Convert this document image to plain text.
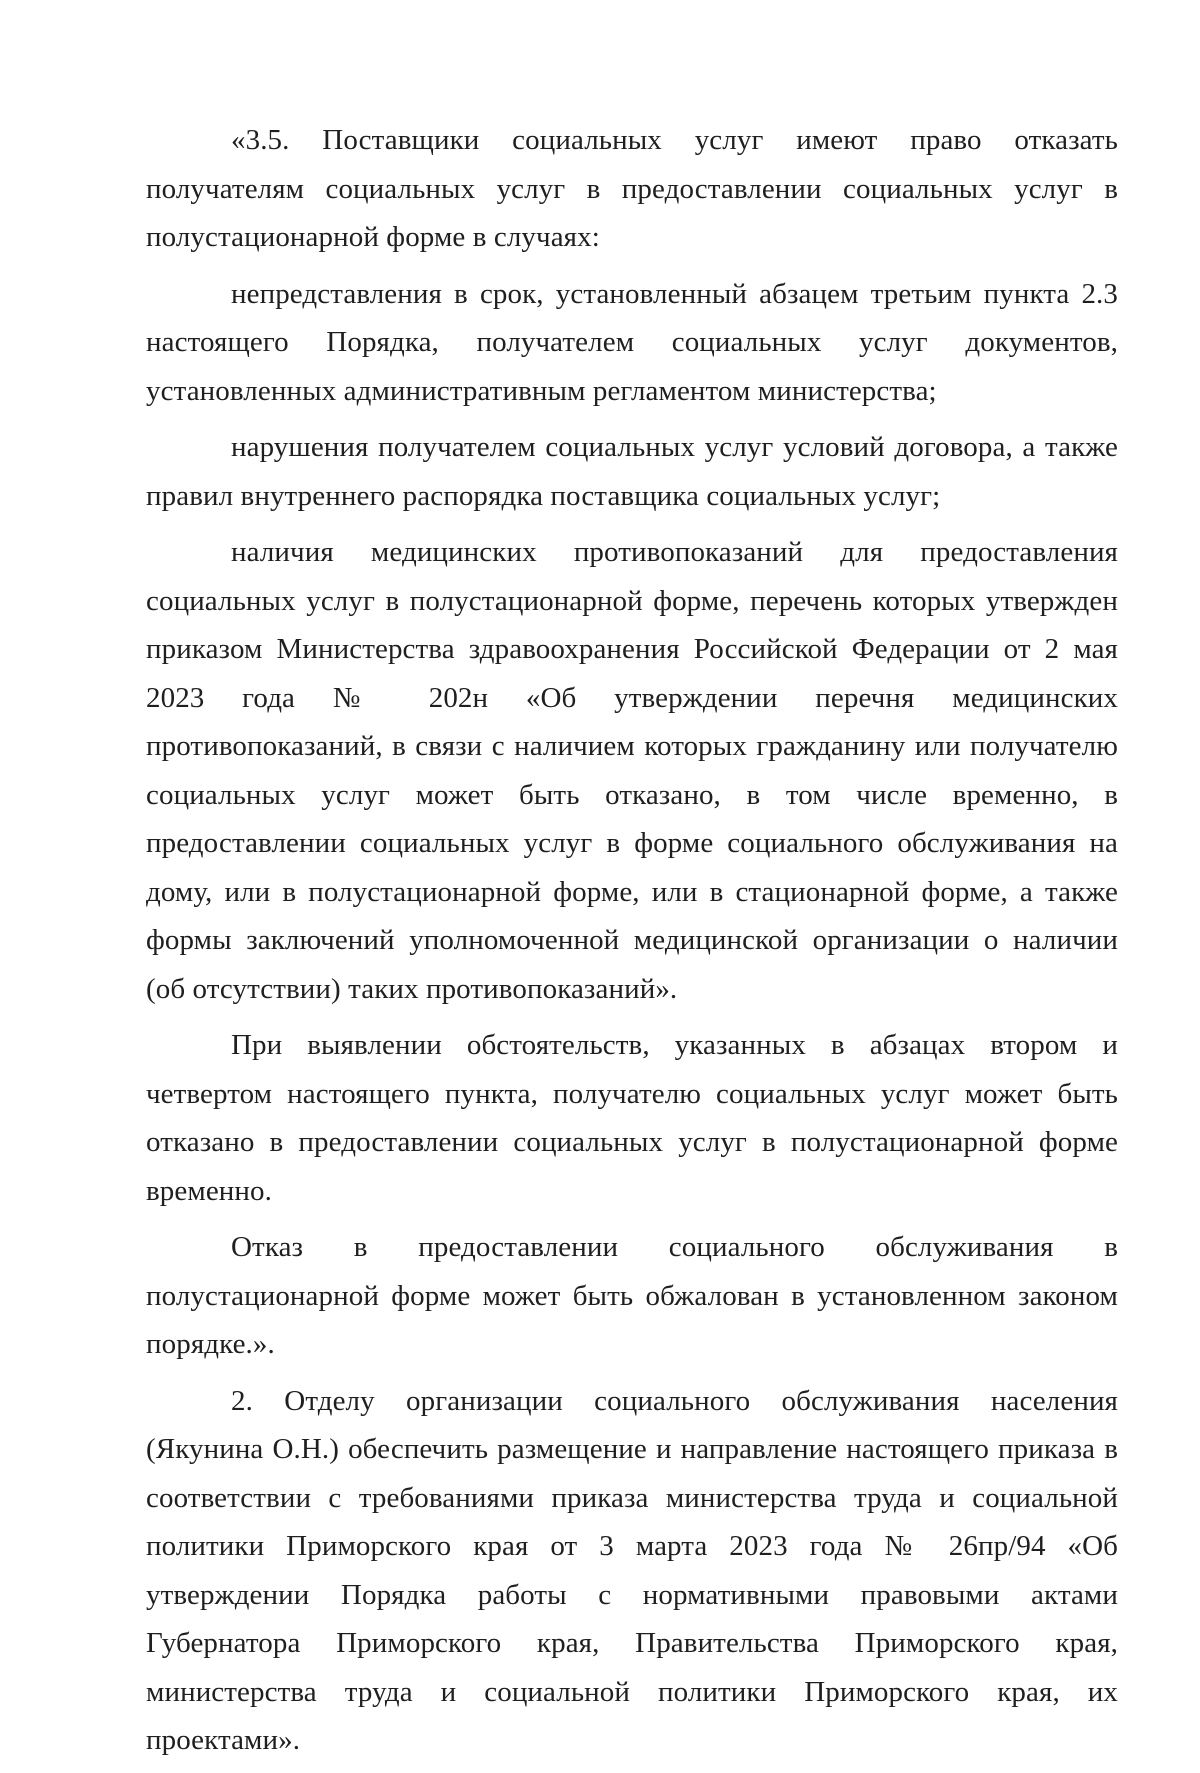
«3.5. Поставщики социальных услуг имеют право отказать получателям социальных услуг в предоставлении социальных услуг в полустационарной форме в случаях:

непредставления в срок, установленный абзацем третьим пункта 2.3 настоящего Порядка, получателем социальных услуг документов, установленных административным регламентом министерства;

нарушения получателем социальных услуг условий договора, а также правил внутреннего распорядка поставщика социальных услуг;

наличия медицинских противопоказаний для предоставления социальных услуг в полустационарной форме, перечень которых утвержден приказом Министерства здравоохранения Российской Федерации от 2 мая 2023 года № 202н «Об утверждении перечня медицинских противопоказаний, в связи с наличием которых гражданину или получателю социальных услуг может быть отказано, в том числе временно, в предоставлении социальных услуг в форме социального обслуживания на дому, или в полустационарной форме, или в стационарной форме, а также формы заключений уполномоченной медицинской организации о наличии (об отсутствии) таких противопоказаний».

При выявлении обстоятельств, указанных в абзацах втором и четвертом настоящего пункта, получателю социальных услуг может быть отказано в предоставлении социальных услуг в полустационарной форме временно.

Отказ в предоставлении социального обслуживания в полустационарной форме может быть обжалован в установленном законом порядке.».

2. Отделу организации социального обслуживания населения (Якунина О.Н.) обеспечить размещение и направление настоящего приказа в соответствии с требованиями приказа министерства труда и социальной политики Приморского края от 3 марта 2023 года № 26пр/94 «Об утверждении Порядка работы с нормативными правовыми актами Губернатора Приморского края, Правительства Приморского края, министерства труда и социальной политики Приморского края, их проектами».
